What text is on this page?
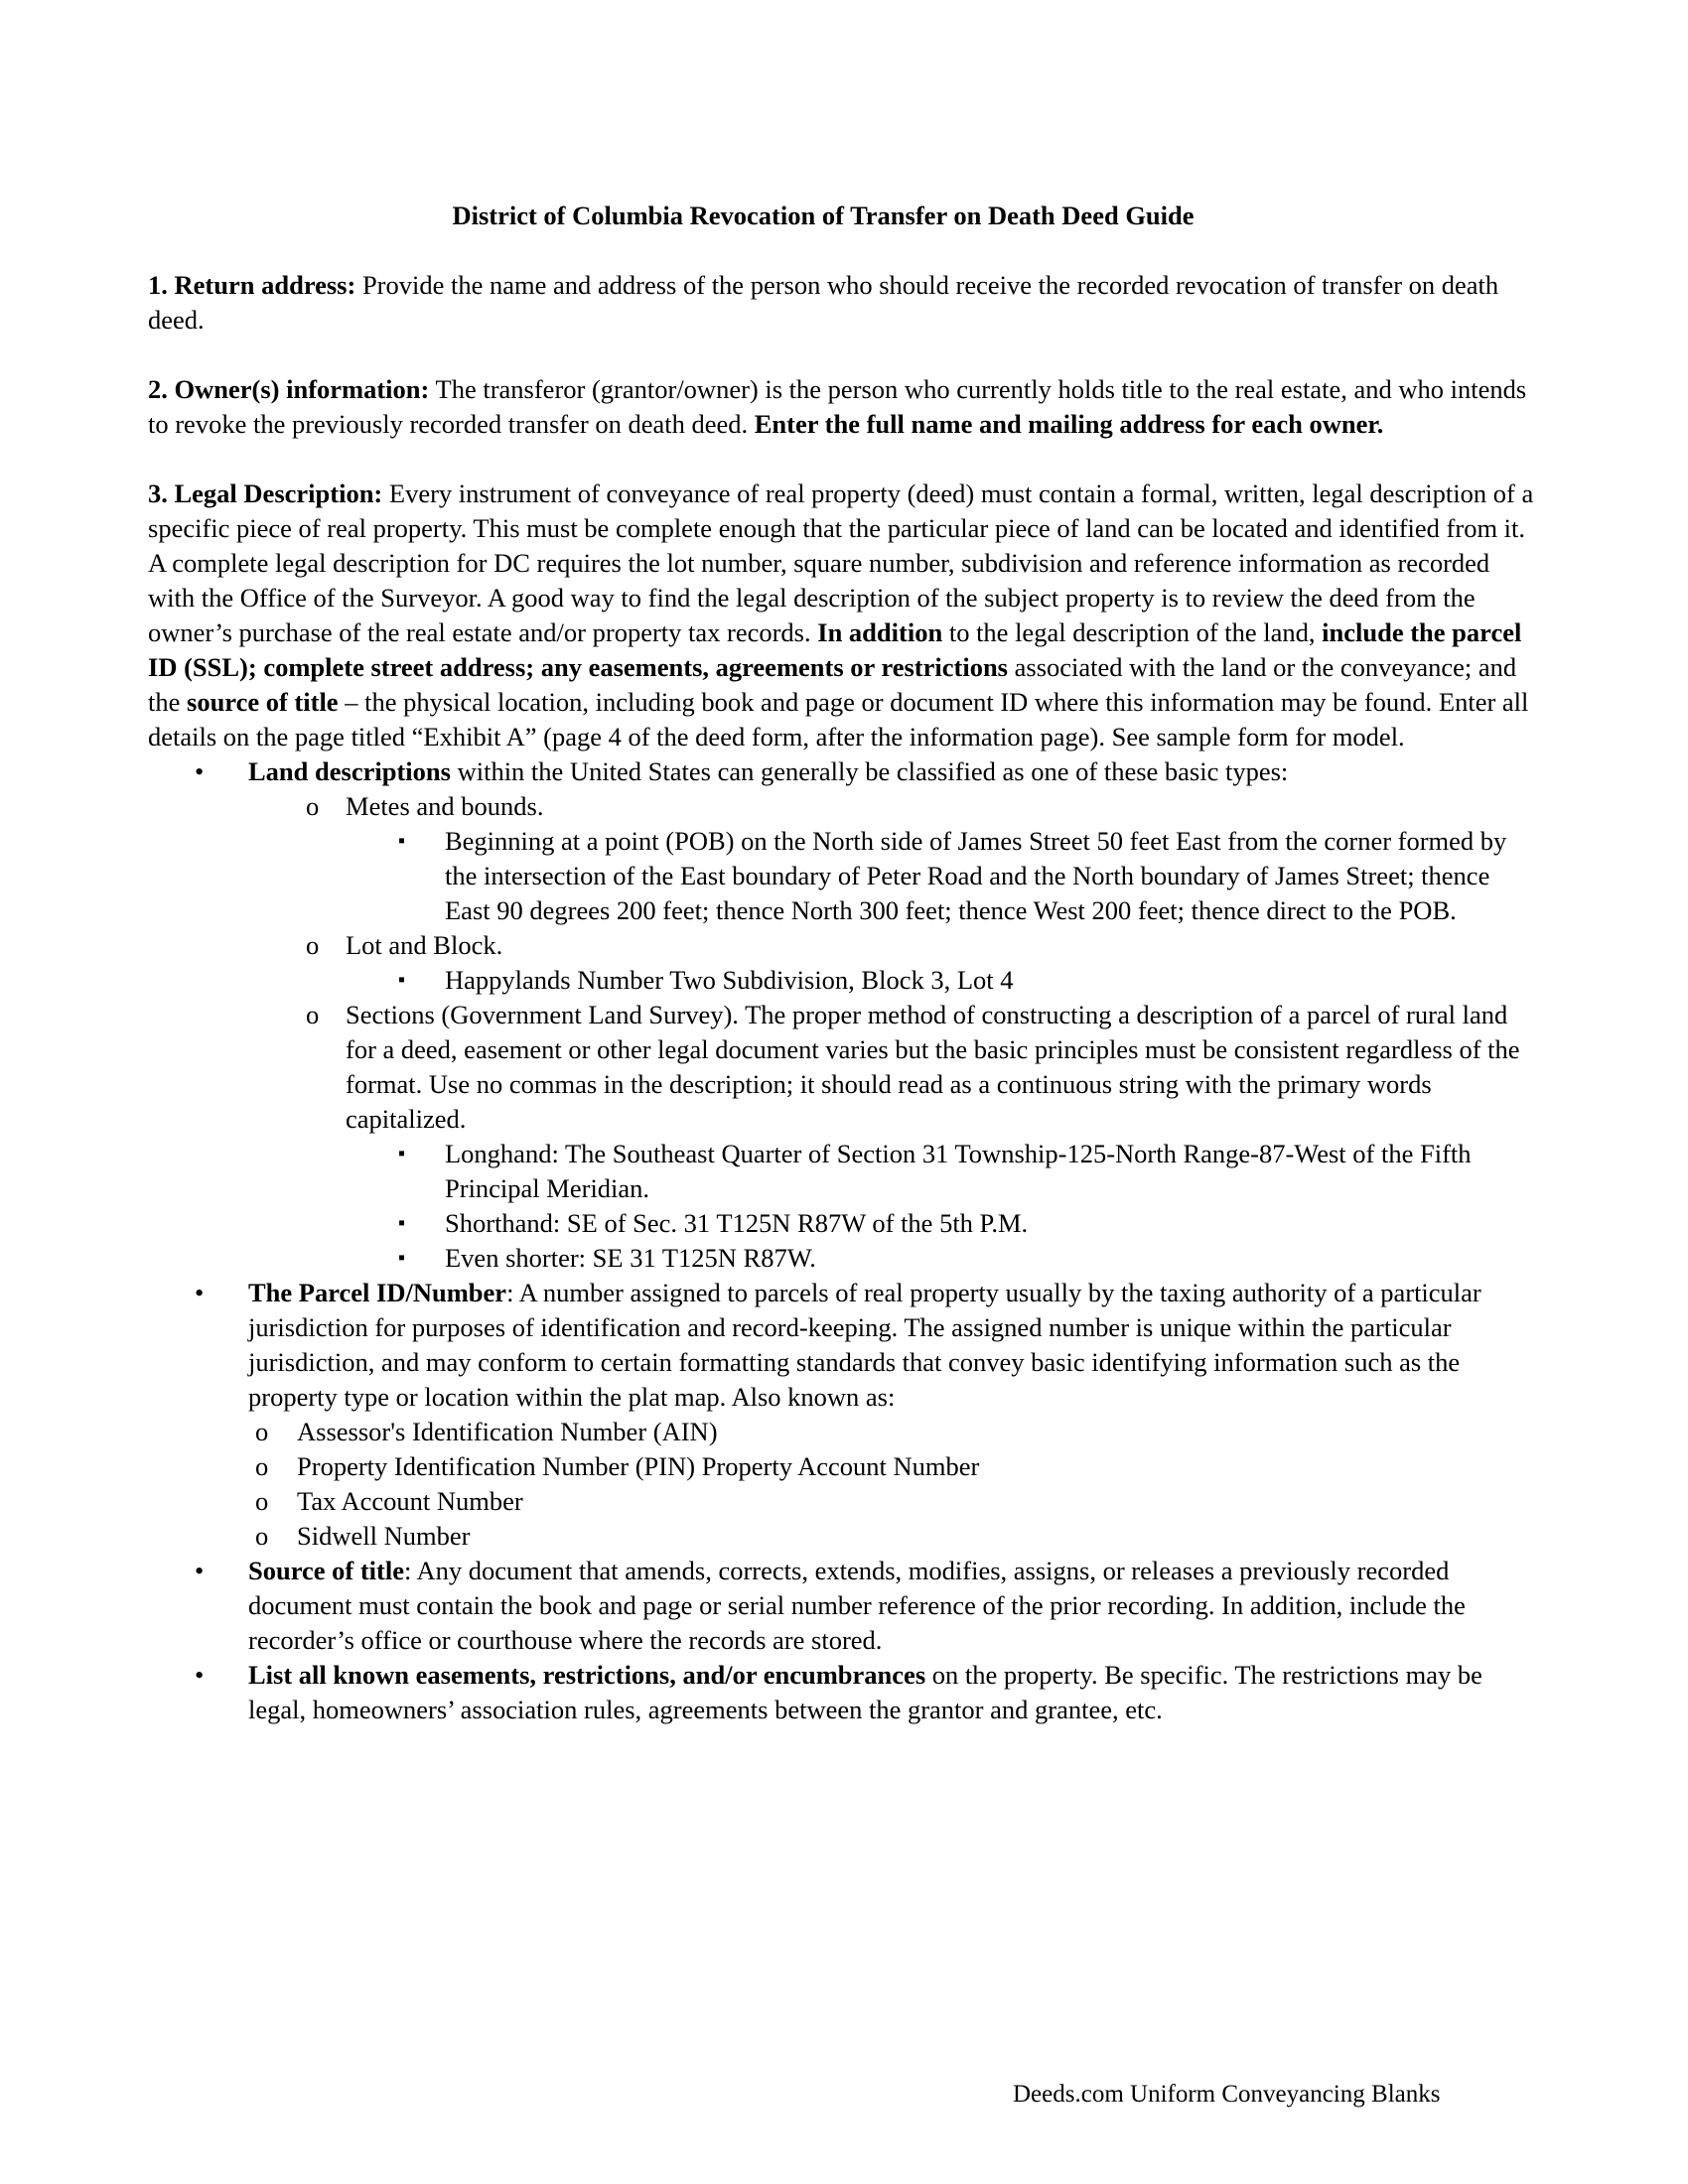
District of Columbia Revocation of Transfer on Death Deed Guide

1. Return address: Provide the name and address of the person who should receive the recorded revocation of transfer on death deed.

2. Owner(s) information: The transferor (grantor/owner) is the person who currently holds title to the real estate, and who intends to revoke the previously recorded transfer on death deed. Enter the full name and mailing address for each owner.

3. Legal Description: Every instrument of conveyance of real property (deed) must contain a formal, written, legal description of a specific piece of real property. This must be complete enough that the particular piece of land can be located and identified from it. A complete legal description for DC requires the lot number, square number, subdivision and reference information as recorded with the Office of the Surveyor. A good way to find the legal description of the subject property is to review the deed from the owner’s purchase of the real estate and/or property tax records. In addition to the legal description of the land, include the parcel ID (SSL); complete street address; any easements, agreements or restrictions associated with the land or the conveyance; and the source of title – the physical location, including book and page or document ID where this information may be found. Enter all details on the page titled “Exhibit A” (page 4 of the deed form, after the information page). See sample form for model.

• Land descriptions within the United States can generally be classified as one of these basic types:
o Metes and bounds.
▪ Beginning at a point (POB) on the North side of James Street 50 feet East from the corner formed by the intersection of the East boundary of Peter Road and the North boundary of James Street; thence East 90 degrees 200 feet; thence North 300 feet; thence West 200 feet; thence direct to the POB.
o Lot and Block.
▪ Happylands Number Two Subdivision, Block 3, Lot 4
o Sections (Government Land Survey). The proper method of constructing a description of a parcel of rural land for a deed, easement or other legal document varies but the basic principles must be consistent regardless of the format. Use no commas in the description; it should read as a continuous string with the primary words capitalized.
▪ Longhand: The Southeast Quarter of Section 31 Township-125-North Range-87-West of the Fifth Principal Meridian.
▪ Shorthand: SE of Sec. 31 T125N R87W of the 5th P.M.
▪ Even shorter: SE 31 T125N R87W.
• The Parcel ID/Number: A number assigned to parcels of real property usually by the taxing authority of a particular jurisdiction for purposes of identification and record-keeping. The assigned number is unique within the particular jurisdiction, and may conform to certain formatting standards that convey basic identifying information such as the property type or location within the plat map. Also known as:
o Assessor's Identification Number (AIN)
o Property Identification Number (PIN) Property Account Number
o Tax Account Number
o Sidwell Number
• Source of title: Any document that amends, corrects, extends, modifies, assigns, or releases a previously recorded document must contain the book and page or serial number reference of the prior recording. In addition, include the recorder’s office or courthouse where the records are stored.
• List all known easements, restrictions, and/or encumbrances on the property. Be specific. The restrictions may be legal, homeowners’ association rules, agreements between the grantor and grantee, etc.
Deeds.com Uniform Conveyancing Blanks
